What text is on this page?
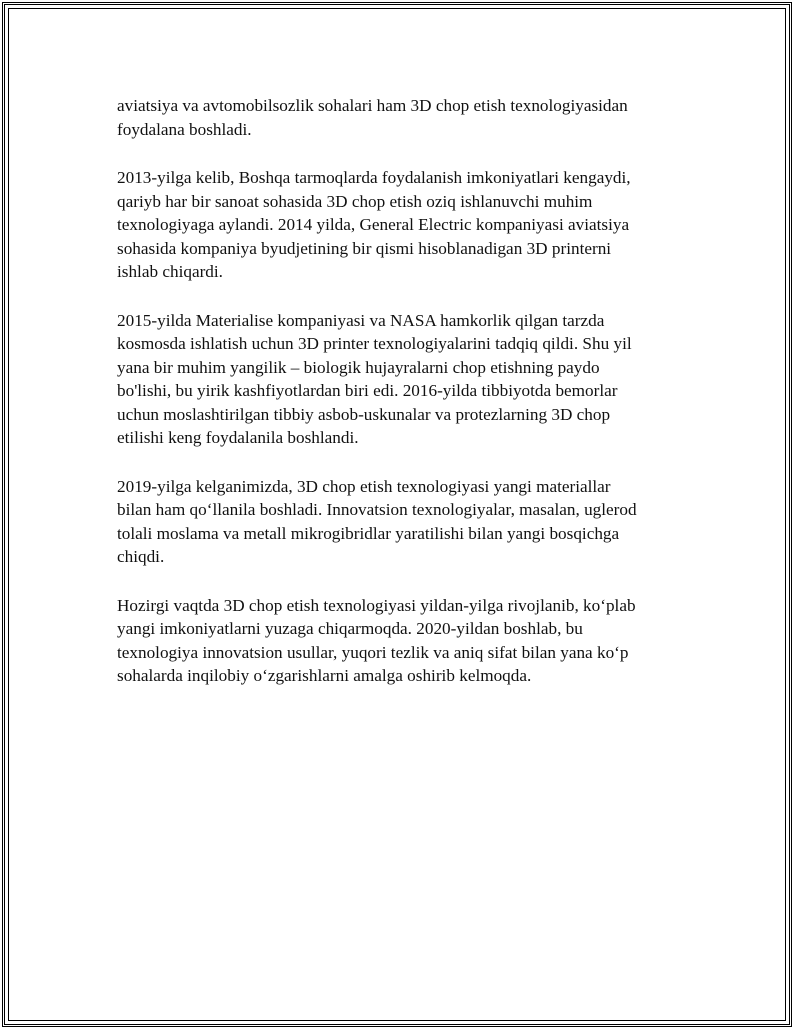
aviatsiya va avtomobilsozlik sohalari ham 3D chop etish texnologiyasidan
foydalana boshladi.

2013-yilga kelib, Boshqa tarmoqlarda foydalanish imkoniyatlari kengaydi,
qariyb har bir sanoat sohasida 3D chop etish oziq ishlanuvchi muhim
texnologiyaga aylandi. 2014 yilda, General Electric kompaniyasi aviatsiya
sohasida kompaniya byudjetining bir qismi hisoblanadigan 3D printerni
ishlab chiqardi.

2015-yilda Materialise kompaniyasi va NASA hamkorlik qilgan tarzda
kosmosda ishlatish uchun 3D printer texnologiyalarini tadqiq qildi. Shu yil
yana bir muhim yangilik – biologik hujayralarni chop etishning paydo
bo'lishi, bu yirik kashfiyotlardan biri edi. 2016-yilda tibbiyotda bemorlar
uchun moslashtirilgan tibbiy asbob-uskunalar va protezlarning 3D chop
etilishi keng foydalanila boshlandi.

2019-yilga kelganimizda, 3D chop etish texnologiyasi yangi materiallar
bilan ham qo‘llanila boshladi. Innovatsion texnologiyalar, masalan, uglerod
tolali moslama va metall mikrogibridlar yaratilishi bilan yangi bosqichga
chiqdi.

Hozirgi vaqtda 3D chop etish texnologiyasi yildan-yilga rivojlanib, ko‘plab
yangi imkoniyatlarni yuzaga chiqarmoqda. 2020-yildan boshlab, bu
texnologiya innovatsion usullar, yuqori tezlik va aniq sifat bilan yana ko‘p
sohalarda inqilobiy o‘zgarishlarni amalga oshirib kelmoqda.
